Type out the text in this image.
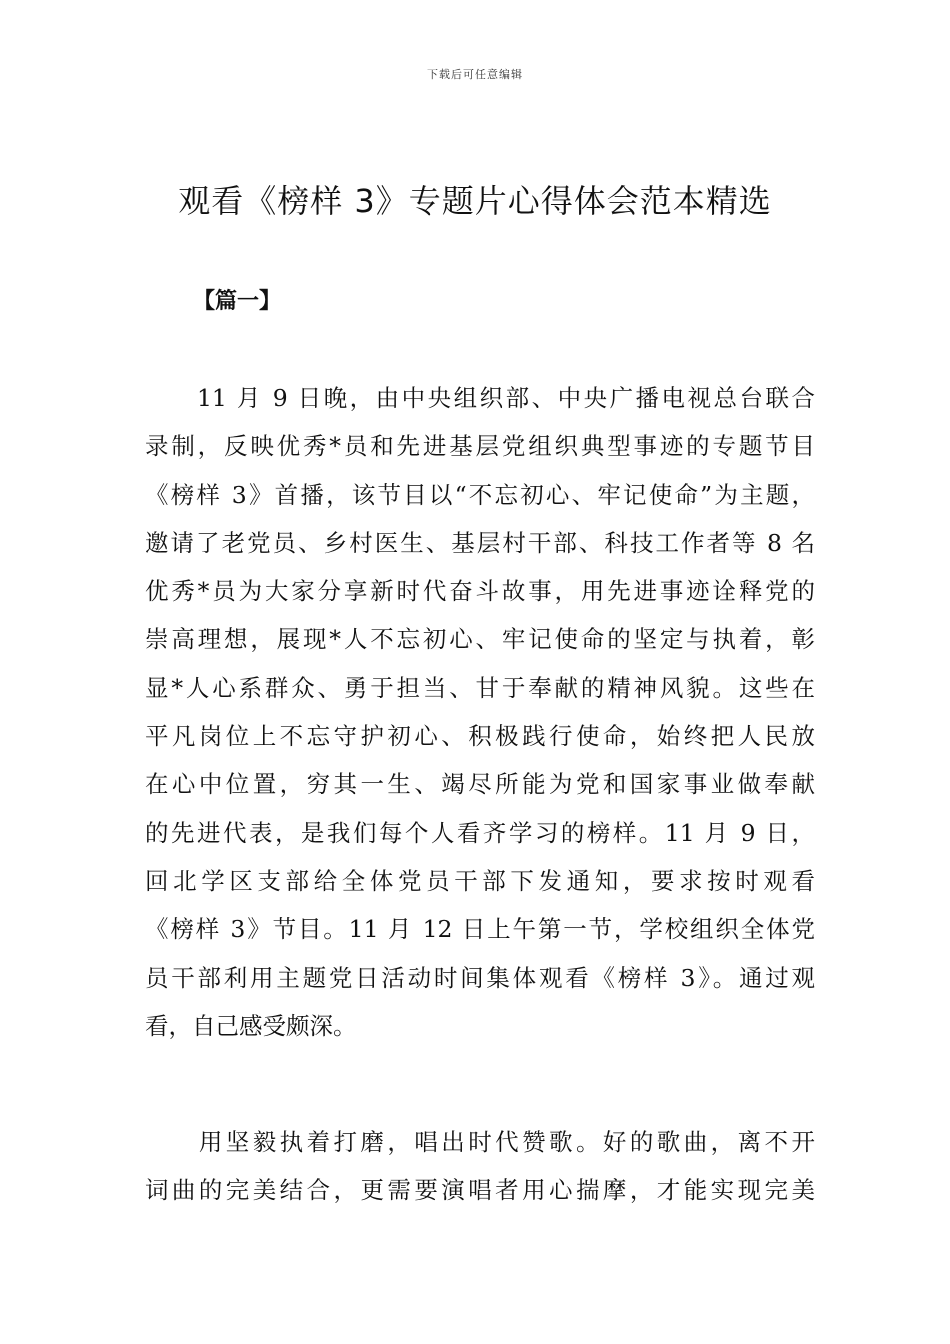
下载后可任意编辑
观看《榜样 3》专题片心得体会范本精选
【篇一】
　　11 月 9 日晚，由中央组织部、中央广播电视总台联合
录制，反映优秀*员和先进基层党组织典型事迹的专题节目
《榜样 3》首播，该节目以“不忘初心、牢记使命”为主题，
邀请了老党员、乡村医生、基层村干部、科技工作者等 8 名
优秀*员为大家分享新时代奋斗故事，用先进事迹诠释党的
崇高理想，展现*人不忘初心、牢记使命的坚定与执着，彰
显*人心系群众、勇于担当、甘于奉献的精神风貌。这些在
平凡岗位上不忘守护初心、积极践行使命，始终把人民放
在心中位置，穷其一生、竭尽所能为党和国家事业做奉献
的先进代表，是我们每个人看齐学习的榜样。11 月 9 日，
回北学区支部给全体党员干部下发通知，要求按时观看
《榜样 3》节目。11 月 12 日上午第一节，学校组织全体党
员干部利用主题党日活动时间集体观看《榜样 3》。通过观
看，自己感受颇深。
　　用坚毅执着打磨，唱出时代赞歌。好的歌曲，离不开
词曲的完美结合，更需要演唱者用心揣摩，才能实现完美
